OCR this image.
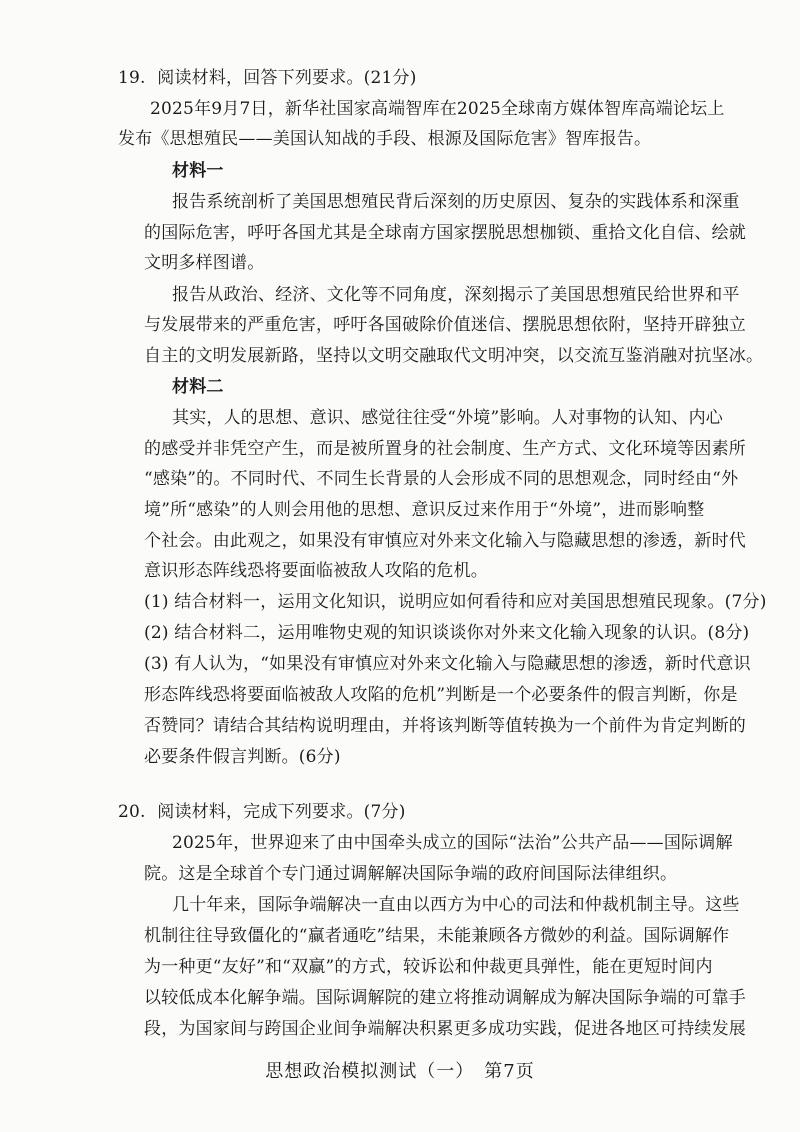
19. 阅读材料，回答下列要求。(21分)
2025年9月7日，新华社国家高端智库在2025全球南方媒体智库高端论坛上
发布《思想殖民——美国认知战的手段、根源及国际危害》智库报告。
材料一
报告系统剖析了美国思想殖民背后深刻的历史原因、复杂的实践体系和深重
的国际危害，呼吁各国尤其是全球南方国家摆脱思想枷锁、重拾文化自信、绘就
文明多样图谱。
报告从政治、经济、文化等不同角度，深刻揭示了美国思想殖民给世界和平
与发展带来的严重危害，呼吁各国破除价值迷信、摆脱思想依附，坚持开辟独立
自主的文明发展新路，坚持以文明交融取代文明冲突，以交流互鉴消融对抗坚冰。
材料二
其实，人的思想、意识、感觉往往受“外境”影响。人对事物的认知、内心
的感受并非凭空产生，而是被所置身的社会制度、生产方式、文化环境等因素所
“感染”的。不同时代、不同生长背景的人会形成不同的思想观念，同时经由“外
境”所“感染”的人则会用他的思想、意识反过来作用于“外境”，进而影响整
个社会。由此观之，如果没有审慎应对外来文化输入与隐藏思想的渗透，新时代
意识形态阵线恐将要面临被敌人攻陷的危机。
(1) 结合材料一，运用文化知识，说明应如何看待和应对美国思想殖民现象。(7分)
(2) 结合材料二，运用唯物史观的知识谈谈你对外来文化输入现象的认识。(8分)
(3) 有人认为，“如果没有审慎应对外来文化输入与隐藏思想的渗透，新时代意识
形态阵线恐将要面临被敌人攻陷的危机”判断是一个必要条件的假言判断，你是
否赞同？请结合其结构说明理由，并将该判断等值转换为一个前件为肯定判断的
必要条件假言判断。(6分)
20. 阅读材料，完成下列要求。(7分)
2025年，世界迎来了由中国牵头成立的国际“法治”公共产品——国际调解
院。这是全球首个专门通过调解解决国际争端的政府间国际法律组织。
几十年来，国际争端解决一直由以西方为中心的司法和仲裁机制主导。这些
机制往往导致僵化的“赢者通吃”结果，未能兼顾各方微妙的利益。国际调解作
为一种更“友好”和“双赢”的方式，较诉讼和仲裁更具弹性，能在更短时间内
以较低成本化解争端。国际调解院的建立将推动调解成为解决国际争端的可靠手
段，为国家间与跨国企业间争端解决积累更多成功实践，促进各地区可持续发展
思想政治模拟测试（一）　第7页
